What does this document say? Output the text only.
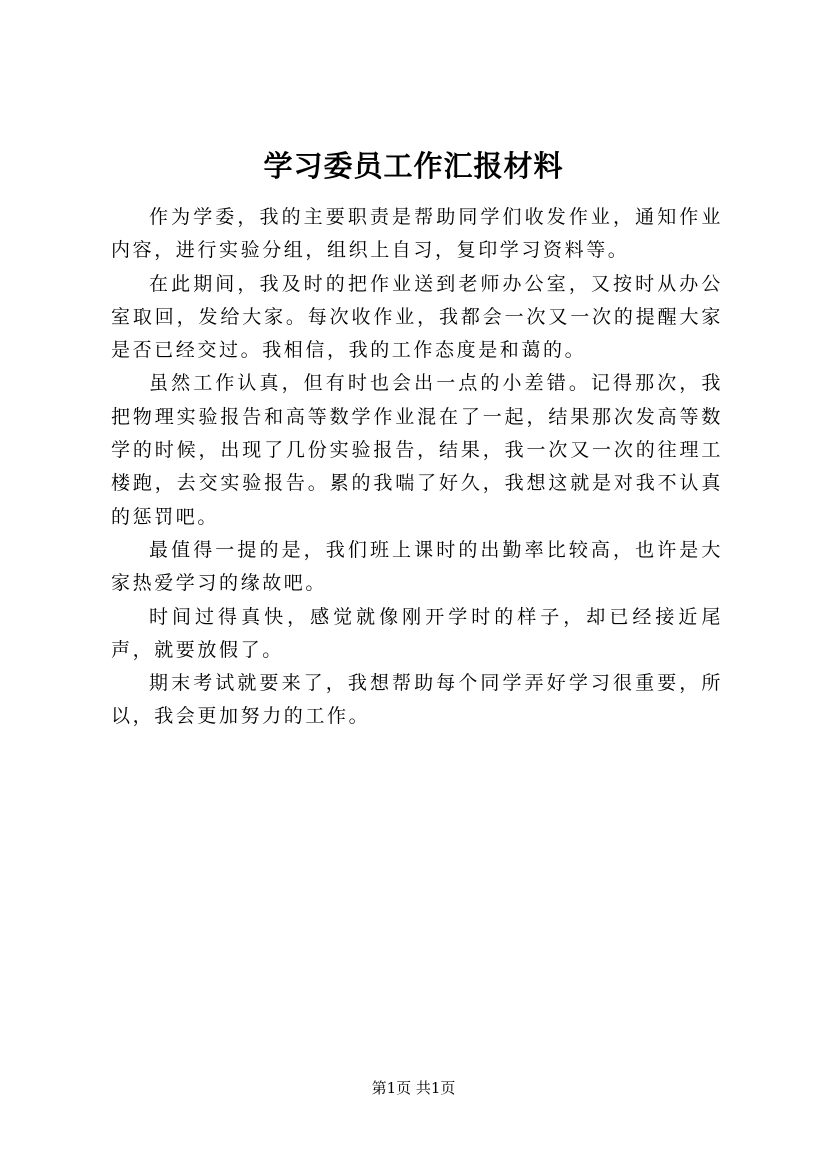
学习委员工作汇报材料

作为学委，我的主要职责是帮助同学们收发作业，通知作业内容，进行实验分组，组织上自习，复印学习资料等。

在此期间，我及时的把作业送到老师办公室，又按时从办公室取回，发给大家。每次收作业，我都会一次又一次的提醒大家是否已经交过。我相信，我的工作态度是和蔼的。

虽然工作认真，但有时也会出一点的小差错。记得那次，我把物理实验报告和高等数学作业混在了一起，结果那次发高等数学的时候，出现了几份实验报告，结果，我一次又一次的往理工楼跑，去交实验报告。累的我喘了好久，我想这就是对我不认真的惩罚吧。

最值得一提的是，我们班上课时的出勤率比较高，也许是大家热爱学习的缘故吧。

时间过得真快，感觉就像刚开学时的样子，却已经接近尾声，就要放假了。

期末考试就要来了，我想帮助每个同学弄好学习很重要，所以，我会更加努力的工作。

第1页 共1页
